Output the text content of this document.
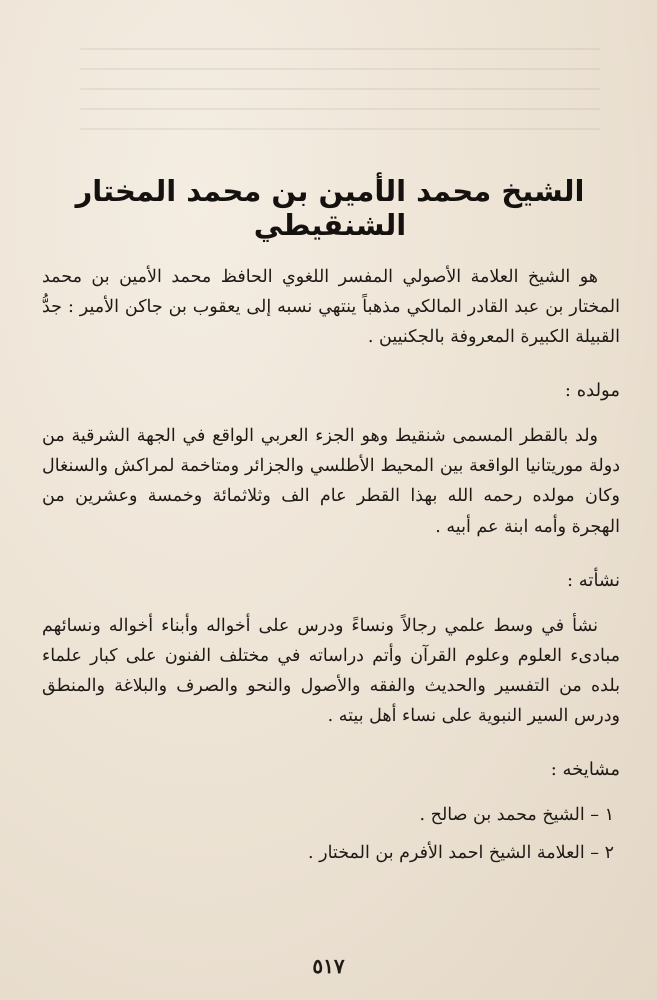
الشيخ محمد الأمين بن محمد المختار الشنقيطي

هو الشيخ العلامة الأصولي المفسر اللغوي الحافظ محمد الأمين بن محمد المختار بن عبد القادر المالكي مذهباً ينتهي نسبه إلى يعقوب بن جاكن الأمير : جدُّ القبيلة الكبيرة المعروفة بالجكنيين .

مولده :

ولد بالقطر المسمى شنقيط وهو الجزء العربي الواقع في الجهة الشرقية من دولة موريتانيا الواقعة بين المحيط الأطلسي والجزائر ومتاخمة لمراكش والسنغال وكان مولده رحمه الله بهذا القطر عام الف وثلاثمائة وخمسة وعشرين من الهجرة وأمه ابنة عم أبيه .

نشأته :

نشأ في وسط علمي رجالاً ونساءً ودرس على أخواله وأبناء أخواله ونسائهم مبادىء العلوم وعلوم القرآن وأتم دراساته في مختلف الفنون على كبار علماء بلده من التفسير والحديث والفقه والأصول والنحو والصرف والبلاغة والمنطق ودرس السير النبوية على نساء أهل بيته .

مشايخه :
١ – الشيخ محمد بن صالح .
٢ – العلامة الشيخ احمد الأفرم بن المختار .
٥١٧
